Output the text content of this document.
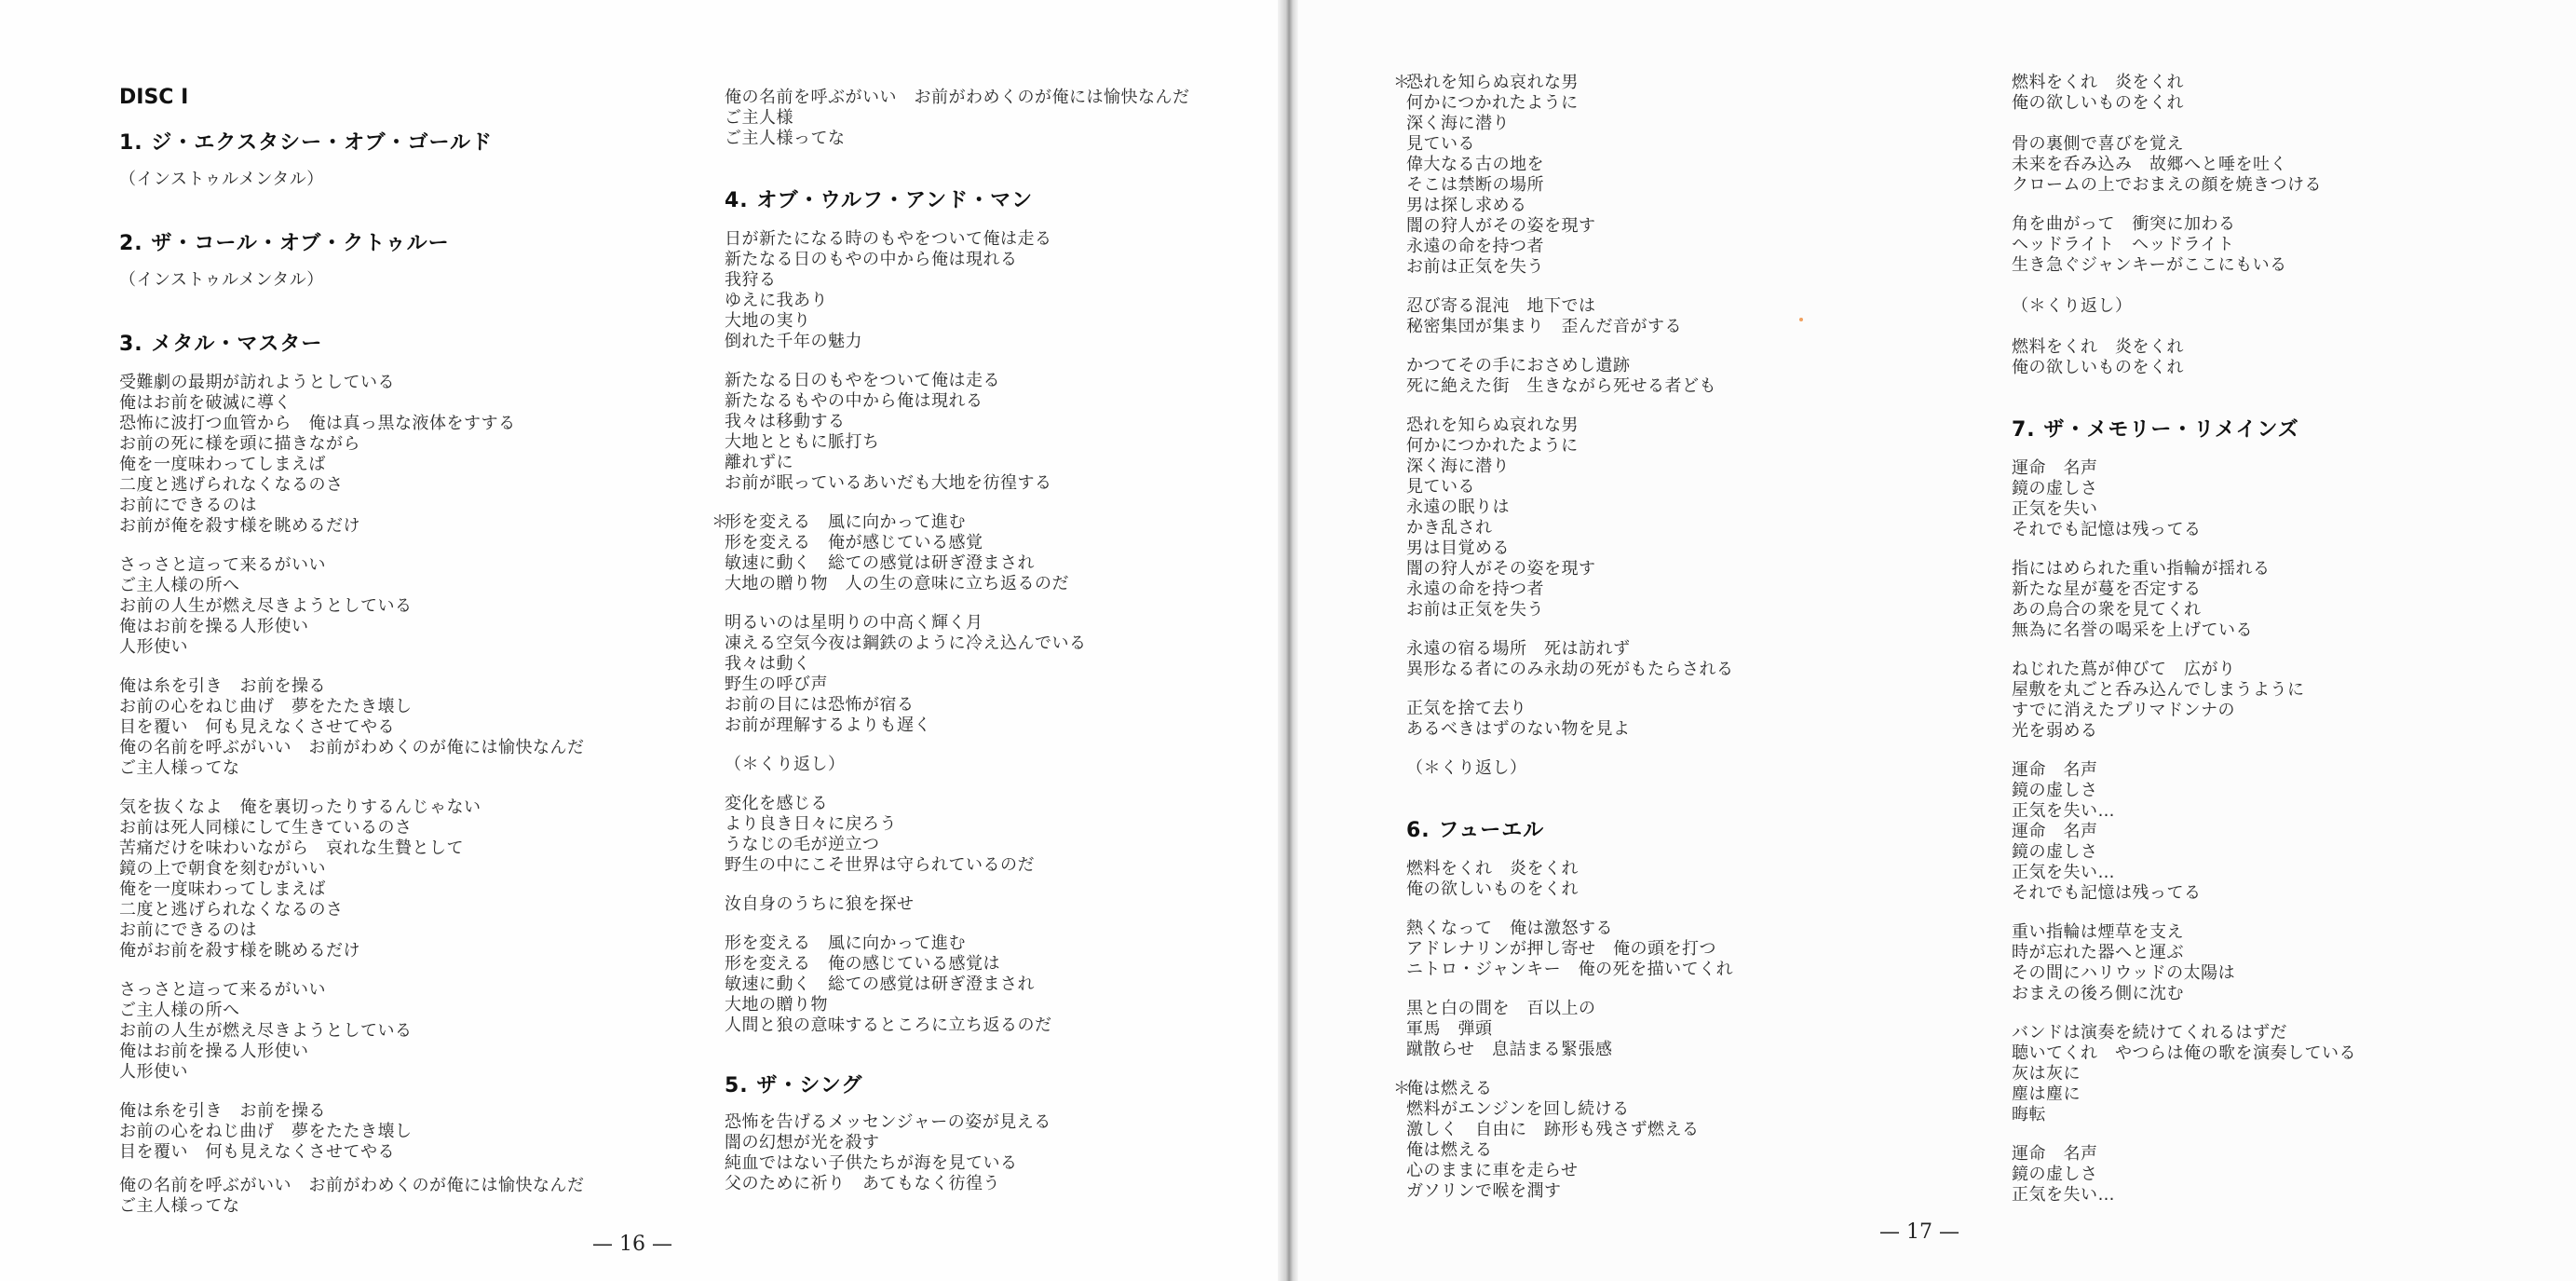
DISC I
1. ジ・エクスタシー・オブ・ゴールド
（インストゥルメンタル）
2. ザ・コール・オブ・クトゥルー
（インストゥルメンタル）
3. メタル・マスター
受難劇の最期が訪れようとしている
俺はお前を破滅に導く
恐怖に波打つ血管から　俺は真っ黒な液体をすする
お前の死に様を頭に描きながら
俺を一度味わってしまえば
二度と逃げられなくなるのさ
お前にできるのは
お前が俺を殺す様を眺めるだけ
さっさと這って来るがいい
ご主人様の所へ
お前の人生が燃え尽きようとしている
俺はお前を操る人形使い
人形使い
俺は糸を引き　お前を操る
お前の心をねじ曲げ　夢をたたき壊し
目を覆い　何も見えなくさせてやる
俺の名前を呼ぶがいい　お前がわめくのが俺には愉快なんだ
ご主人様ってな
気を抜くなよ　俺を裏切ったりするんじゃない
お前は死人同様にして生きているのさ
苦痛だけを味わいながら　哀れな生贄として
鏡の上で朝食を刻むがいい
俺を一度味わってしまえば
二度と逃げられなくなるのさ
お前にできるのは
俺がお前を殺す様を眺めるだけ
さっさと這って来るがいい
ご主人様の所へ
お前の人生が燃え尽きようとしている
俺はお前を操る人形使い
人形使い
俺は糸を引き　お前を操る
お前の心をねじ曲げ　夢をたたき壊し
目を覆い　何も見えなくさせてやる
俺の名前を呼ぶがいい　お前がわめくのが俺には愉快なんだ
ご主人様ってな
俺の名前を呼ぶがいい　お前がわめくのが俺には愉快なんだ
ご主人様
ご主人様ってな
4. オブ・ウルフ・アンド・マン
日が新たになる時のもやをついて俺は走る
新たなる日のもやの中から俺は現れる
我狩る
ゆえに我あり
大地の実り
倒れた千年の魅力
新たなる日のもやをついて俺は走る
新たなるもやの中から俺は現れる
我々は移動する
大地とともに脈打ち
離れずに
お前が眠っているあいだも大地を彷徨する
＊
形を変える　風に向かって進む
形を変える　俺が感じている感覚
敏速に動く　総ての感覚は研ぎ澄まされ
大地の贈り物　人の生の意味に立ち返るのだ
明るいのは星明りの中高く輝く月
凍える空気今夜は鋼鉄のように冷え込んでいる
我々は動く
野生の呼び声
お前の目には恐怖が宿る
お前が理解するよりも遅く
（＊くり返し）
変化を感じる
より良き日々に戻ろう
うなじの毛が逆立つ
野生の中にこそ世界は守られているのだ
汝自身のうちに狼を探せ
形を変える　風に向かって進む
形を変える　俺の感じている感覚は
敏速に動く　総ての感覚は研ぎ澄まされ
大地の贈り物
人間と狼の意味するところに立ち返るのだ
5. ザ・シング
恐怖を告げるメッセンジャーの姿が見える
闇の幻想が光を殺す
純血ではない子供たちが海を見ている
父のために祈り　あてもなく彷徨う
— 16 —
＊
恐れを知らぬ哀れな男
何かにつかれたように
深く海に潜り
見ている
偉大なる古の地を
そこは禁断の場所
男は探し求める
闇の狩人がその姿を現す
永遠の命を持つ者
お前は正気を失う
忍び寄る混沌　地下では
秘密集団が集まり　歪んだ音がする
かつてその手におさめし遺跡
死に絶えた街　生きながら死せる者ども
恐れを知らぬ哀れな男
何かにつかれたように
深く海に潜り
見ている
永遠の眠りは
かき乱され
男は目覚める
闇の狩人がその姿を現す
永遠の命を持つ者
お前は正気を失う
永遠の宿る場所　死は訪れず
異形なる者にのみ永劫の死がもたらされる
正気を捨て去り
あるべきはずのない物を見よ
（＊くり返し）
6. フューエル
燃料をくれ　炎をくれ
俺の欲しいものをくれ
熱くなって　俺は激怒する
アドレナリンが押し寄せ　俺の頭を打つ
ニトロ・ジャンキー　俺の死を描いてくれ
黒と白の間を　百以上の
軍馬　弾頭
蹴散らせ　息詰まる緊張感
＊
俺は燃える
燃料がエンジンを回し続ける
激しく　自由に　跡形も残さず燃える
俺は燃える
心のままに車を走らせ
ガソリンで喉を潤す
燃料をくれ　炎をくれ
俺の欲しいものをくれ
骨の裏側で喜びを覚え
未来を呑み込み　故郷へと唾を吐く
クロームの上でおまえの顔を焼きつける
角を曲がって　衝突に加わる
ヘッドライト　ヘッドライト
生き急ぐジャンキーがここにもいる
（＊くり返し）
燃料をくれ　炎をくれ
俺の欲しいものをくれ
7. ザ・メモリー・リメインズ
運命　名声
鏡の虚しさ
正気を失い
それでも記憶は残ってる
指にはめられた重い指輪が揺れる
新たな星が蔓を否定する
あの烏合の衆を見てくれ
無為に名誉の喝采を上げている
ねじれた蔦が伸びて　広がり
屋敷を丸ごと呑み込んでしまうように
すでに消えたプリマドンナの
光を弱める
運命　名声
鏡の虚しさ
正気を失い…
運命　名声
鏡の虚しさ
正気を失い…
それでも記憶は残ってる
重い指輪は煙草を支え
時が忘れた器へと運ぶ
その間にハリウッドの太陽は
おまえの後ろ側に沈む
バンドは演奏を続けてくれるはずだ
聴いてくれ　やつらは俺の歌を演奏している
灰は灰に
塵は塵に
晦転
運命　名声
鏡の虚しさ
正気を失い…
— 17 —
